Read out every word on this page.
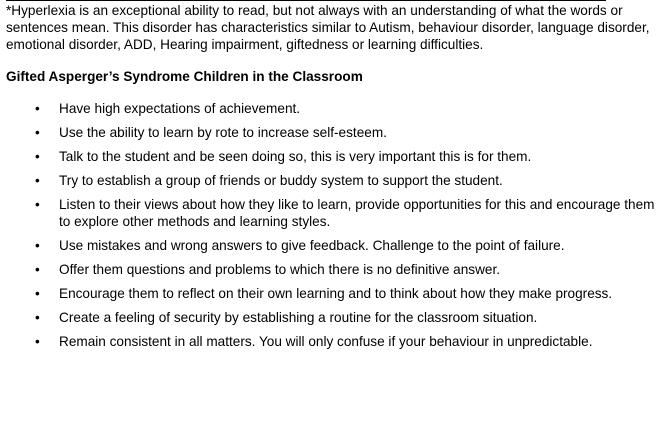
*Hyperlexia is an exceptional ability to read, but not always with an understanding of what the words or sentences mean. This disorder has characteristics similar to Autism, behaviour disorder, language disorder, emotional disorder, ADD, Hearing impairment, giftedness or learning difficulties.

Gifted Asperger’s Syndrome Children in the Classroom
• Have high expectations of achievement.
• Use the ability to learn by rote to increase self-esteem.
• Talk to the student and be seen doing so, this is very important this is for them.
• Try to establish a group of friends or buddy system to support the student.
• Listen to their views about how they like to learn, provide opportunities for this and encourage them to explore other methods and learning styles.
• Use mistakes and wrong answers to give feedback. Challenge to the point of failure.
• Offer them questions and problems to which there is no definitive answer.
• Encourage them to reflect on their own learning and to think about how they make progress.
• Create a feeling of security by establishing a routine for the classroom situation.
• Remain consistent in all matters. You will only confuse if your behaviour in unpredictable.
